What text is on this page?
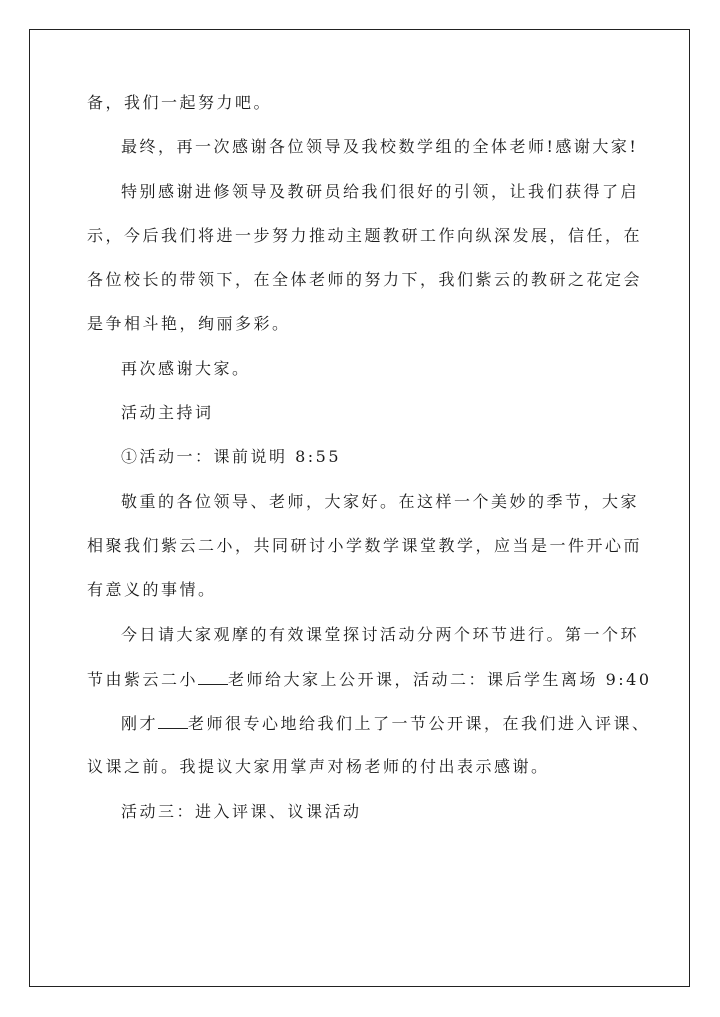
备，我们一起努力吧。
最终，再一次感谢各位领导及我校数学组的全体老师!感谢大家!
特别感谢进修领导及教研员给我们很好的引领，让我们获得了启
示，今后我们将进一步努力推动主题教研工作向纵深发展，信任，在
各位校长的带领下，在全体老师的努力下，我们紫云的教研之花定会
是争相斗艳，绚丽多彩。
再次感谢大家。
活动主持词
①活动一：课前说明 8:55
敬重的各位领导、老师，大家好。在这样一个美妙的季节，大家
相聚我们紫云二小，共同研讨小学数学课堂教学，应当是一件开心而
有意义的事情。
今日请大家观摩的有效课堂探讨活动分两个环节进行。第一个环
节由紫云二小 老师给大家上公开课，活动二：课后学生离场 9:40
刚才 老师很专心地给我们上了一节公开课，在我们进入评课、
议课之前。我提议大家用掌声对杨老师的付出表示感谢。
活动三：进入评课、议课活动
